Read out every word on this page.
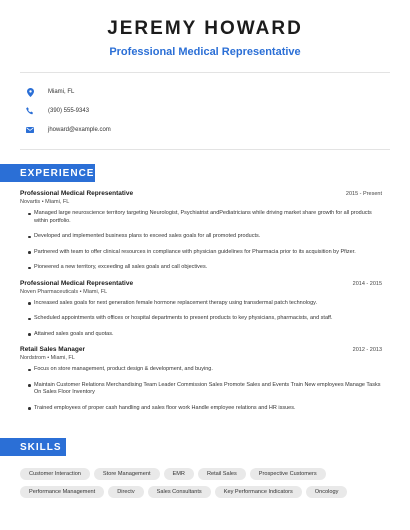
JEREMY HOWARD
Professional Medical Representative
Miami, FL
(390) 555-9343
jhoward@example.com
EXPERIENCE
Professional Medical Representative	2015 - Present
Novartis • Miami, FL
Managed large neuroscience territory targeting Neurologist, Psychiatrist andPediatricians while driving market share growth for all products within portfolio.
Developed and implemented business plans to exceed sales goals for all promoted products.
Partnered with team to offer clinical resources in compliance with physician guidelines for Pharmacia prior to its acquisition by Pfizer.
Pioneered a new territory, exceeding all sales goals and call objectives.
Professional Medical Representative	2014 - 2015
Noven Pharmaceuticals • Miami, FL
Increased sales goals for next generation female hormone replacement therapy using transdermal patch technology.
Scheduled appointments with offices or hospital departments to present products to key physicians, pharmacists, and staff.
Attained sales goals and quotas.
Retail Sales Manager	2012 - 2013
Nordstrom • Miami, FL
Focus on store management, product design & development, and buying.
Maintain Customer Relations Merchandising Team Leader Commission Sales Promote Sales and Events Train New employees Manage Tasks On Sales Floor Inventory
Trained employees of proper cash handling and sales floor work Handle employee relations and HR issues.
SKILLS
Customer Interaction	Store Management	EMR	Retail Sales	Prospective Customers
Performance Management	Directv	Sales Consultants	Key Performance Indicators	Oncology
